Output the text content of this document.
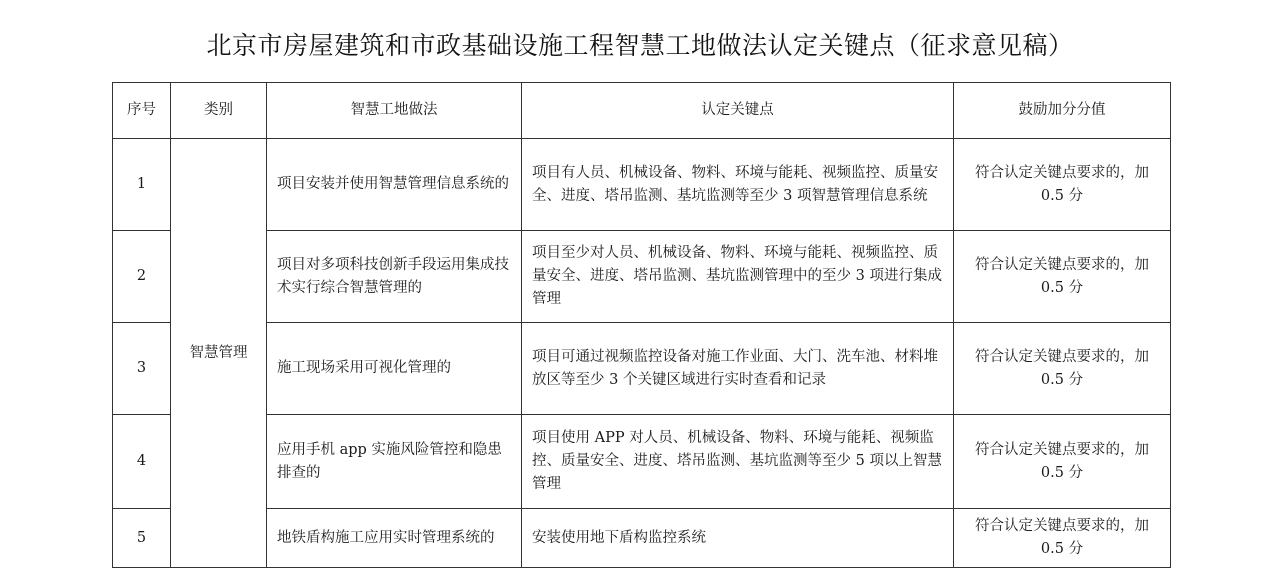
北京市房屋建筑和市政基础设施工程智慧工地做法认定关键点（征求意见稿）
序号	类别	智慧工地做法	认定关键点	鼓励加分分值
1	智慧管理	项目安装并使用智慧管理信息系统的	项目有人员、机械设备、物料、环境与能耗、视频监控、质量安全、进度、塔吊监测、基坑监测等至少 3 项智慧管理信息系统	符合认定关键点要求的，加 0.5 分
2		项目对多项科技创新手段运用集成技术实行综合智慧管理的	项目至少对人员、机械设备、物料、环境与能耗、视频监控、质量安全、进度、塔吊监测、基坑监测管理中的至少 3 项进行集成管理	符合认定关键点要求的，加 0.5 分
3		施工现场采用可视化管理的	项目可通过视频监控设备对施工作业面、大门、洗车池、材料堆放区等至少 3 个关键区域进行实时查看和记录	符合认定关键点要求的，加 0.5 分
4		应用手机 app 实施风险管控和隐患排查的	项目使用 APP 对人员、机械设备、物料、环境与能耗、视频监控、质量安全、进度、塔吊监测、基坑监测等至少 5 项以上智慧管理	符合认定关键点要求的，加 0.5 分
5		地铁盾构施工应用实时管理系统的	安装使用地下盾构监控系统	符合认定关键点要求的，加 0.5 分
